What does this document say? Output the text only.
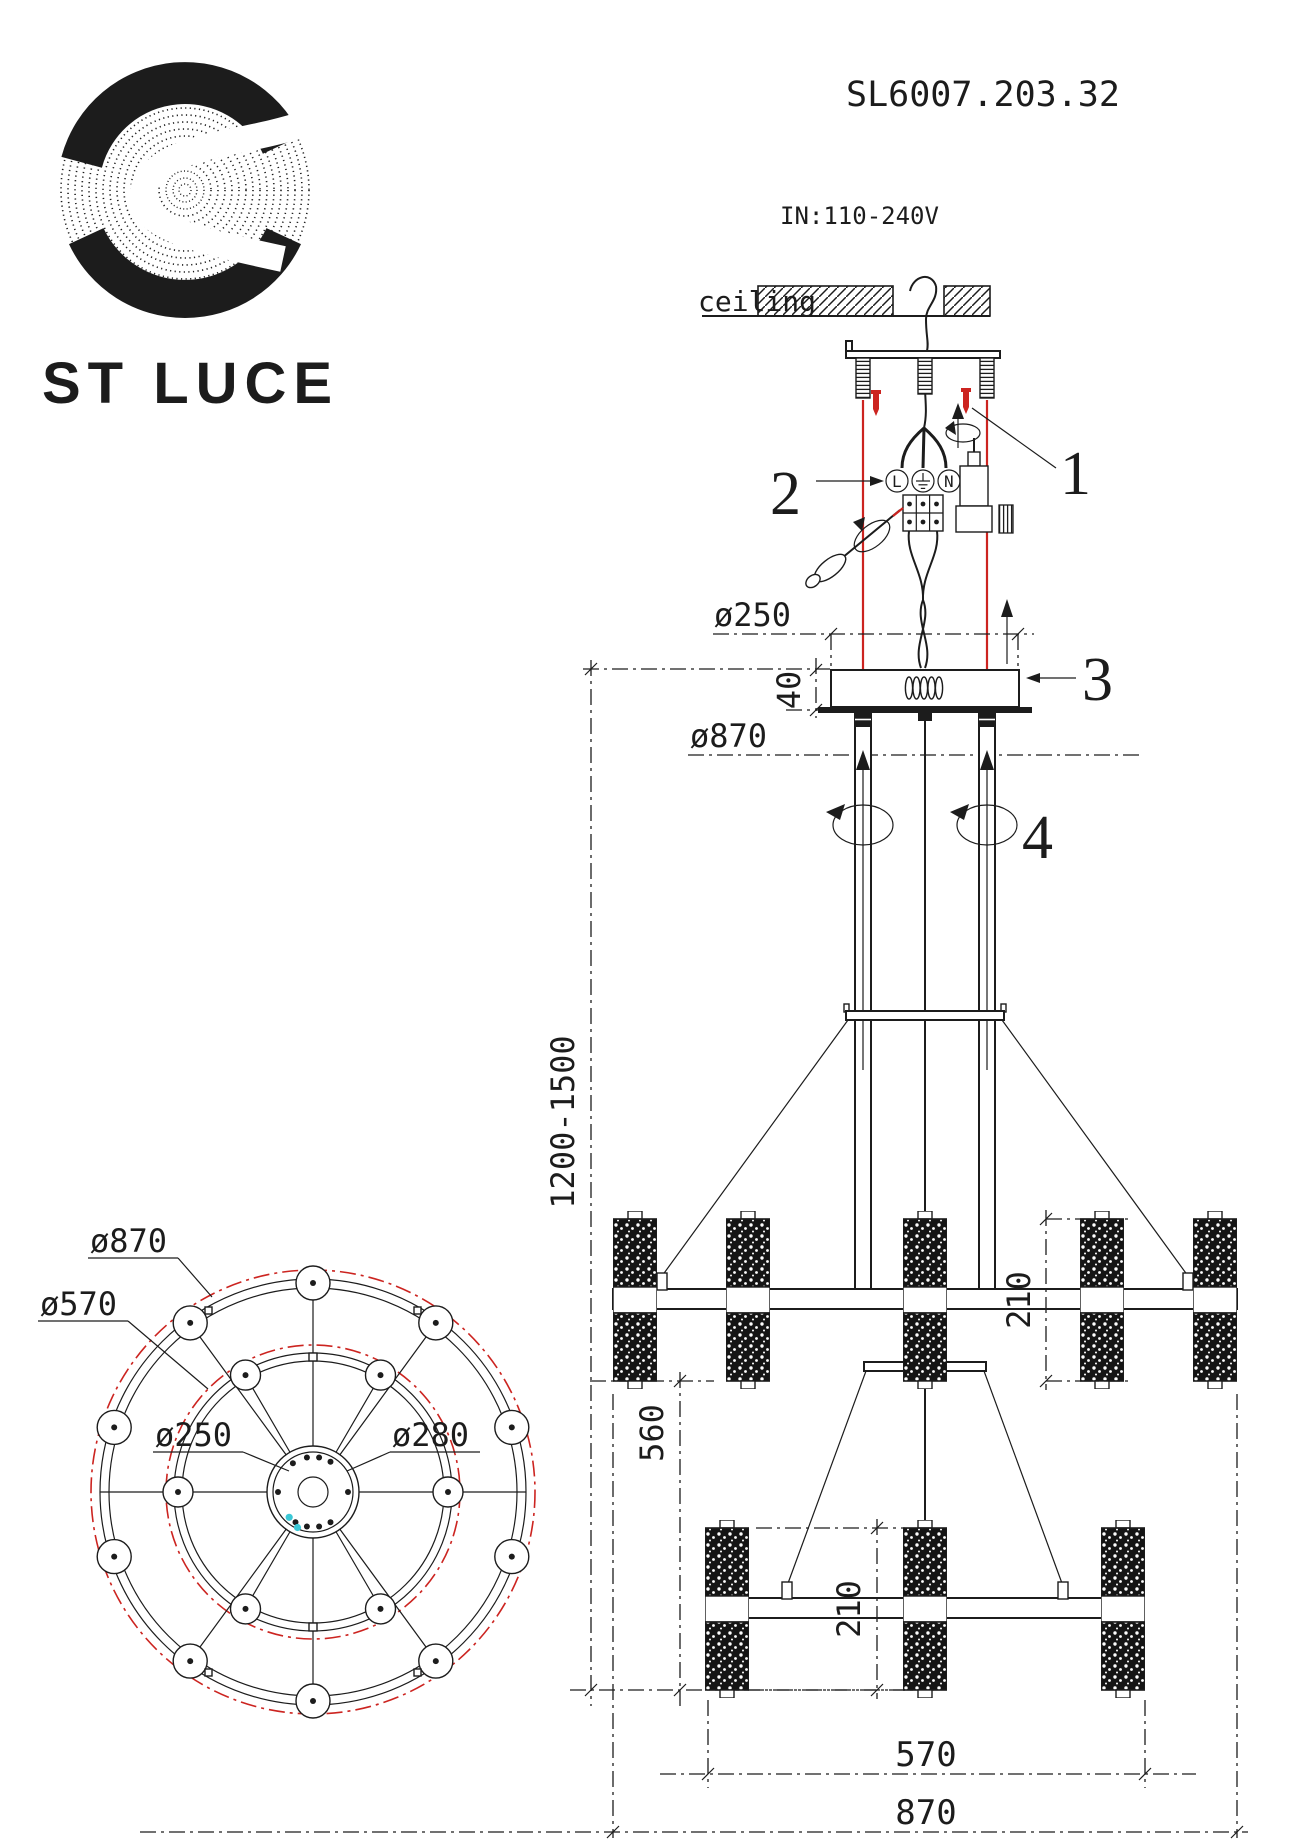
ST LUCE
SL6007.203.32
IN:110-240V
ceiling
1
L	N
2
ø250
3
40
ø870
4
1200-1500
560
210
210
570
870
ø870
ø570
ø250	ø280
